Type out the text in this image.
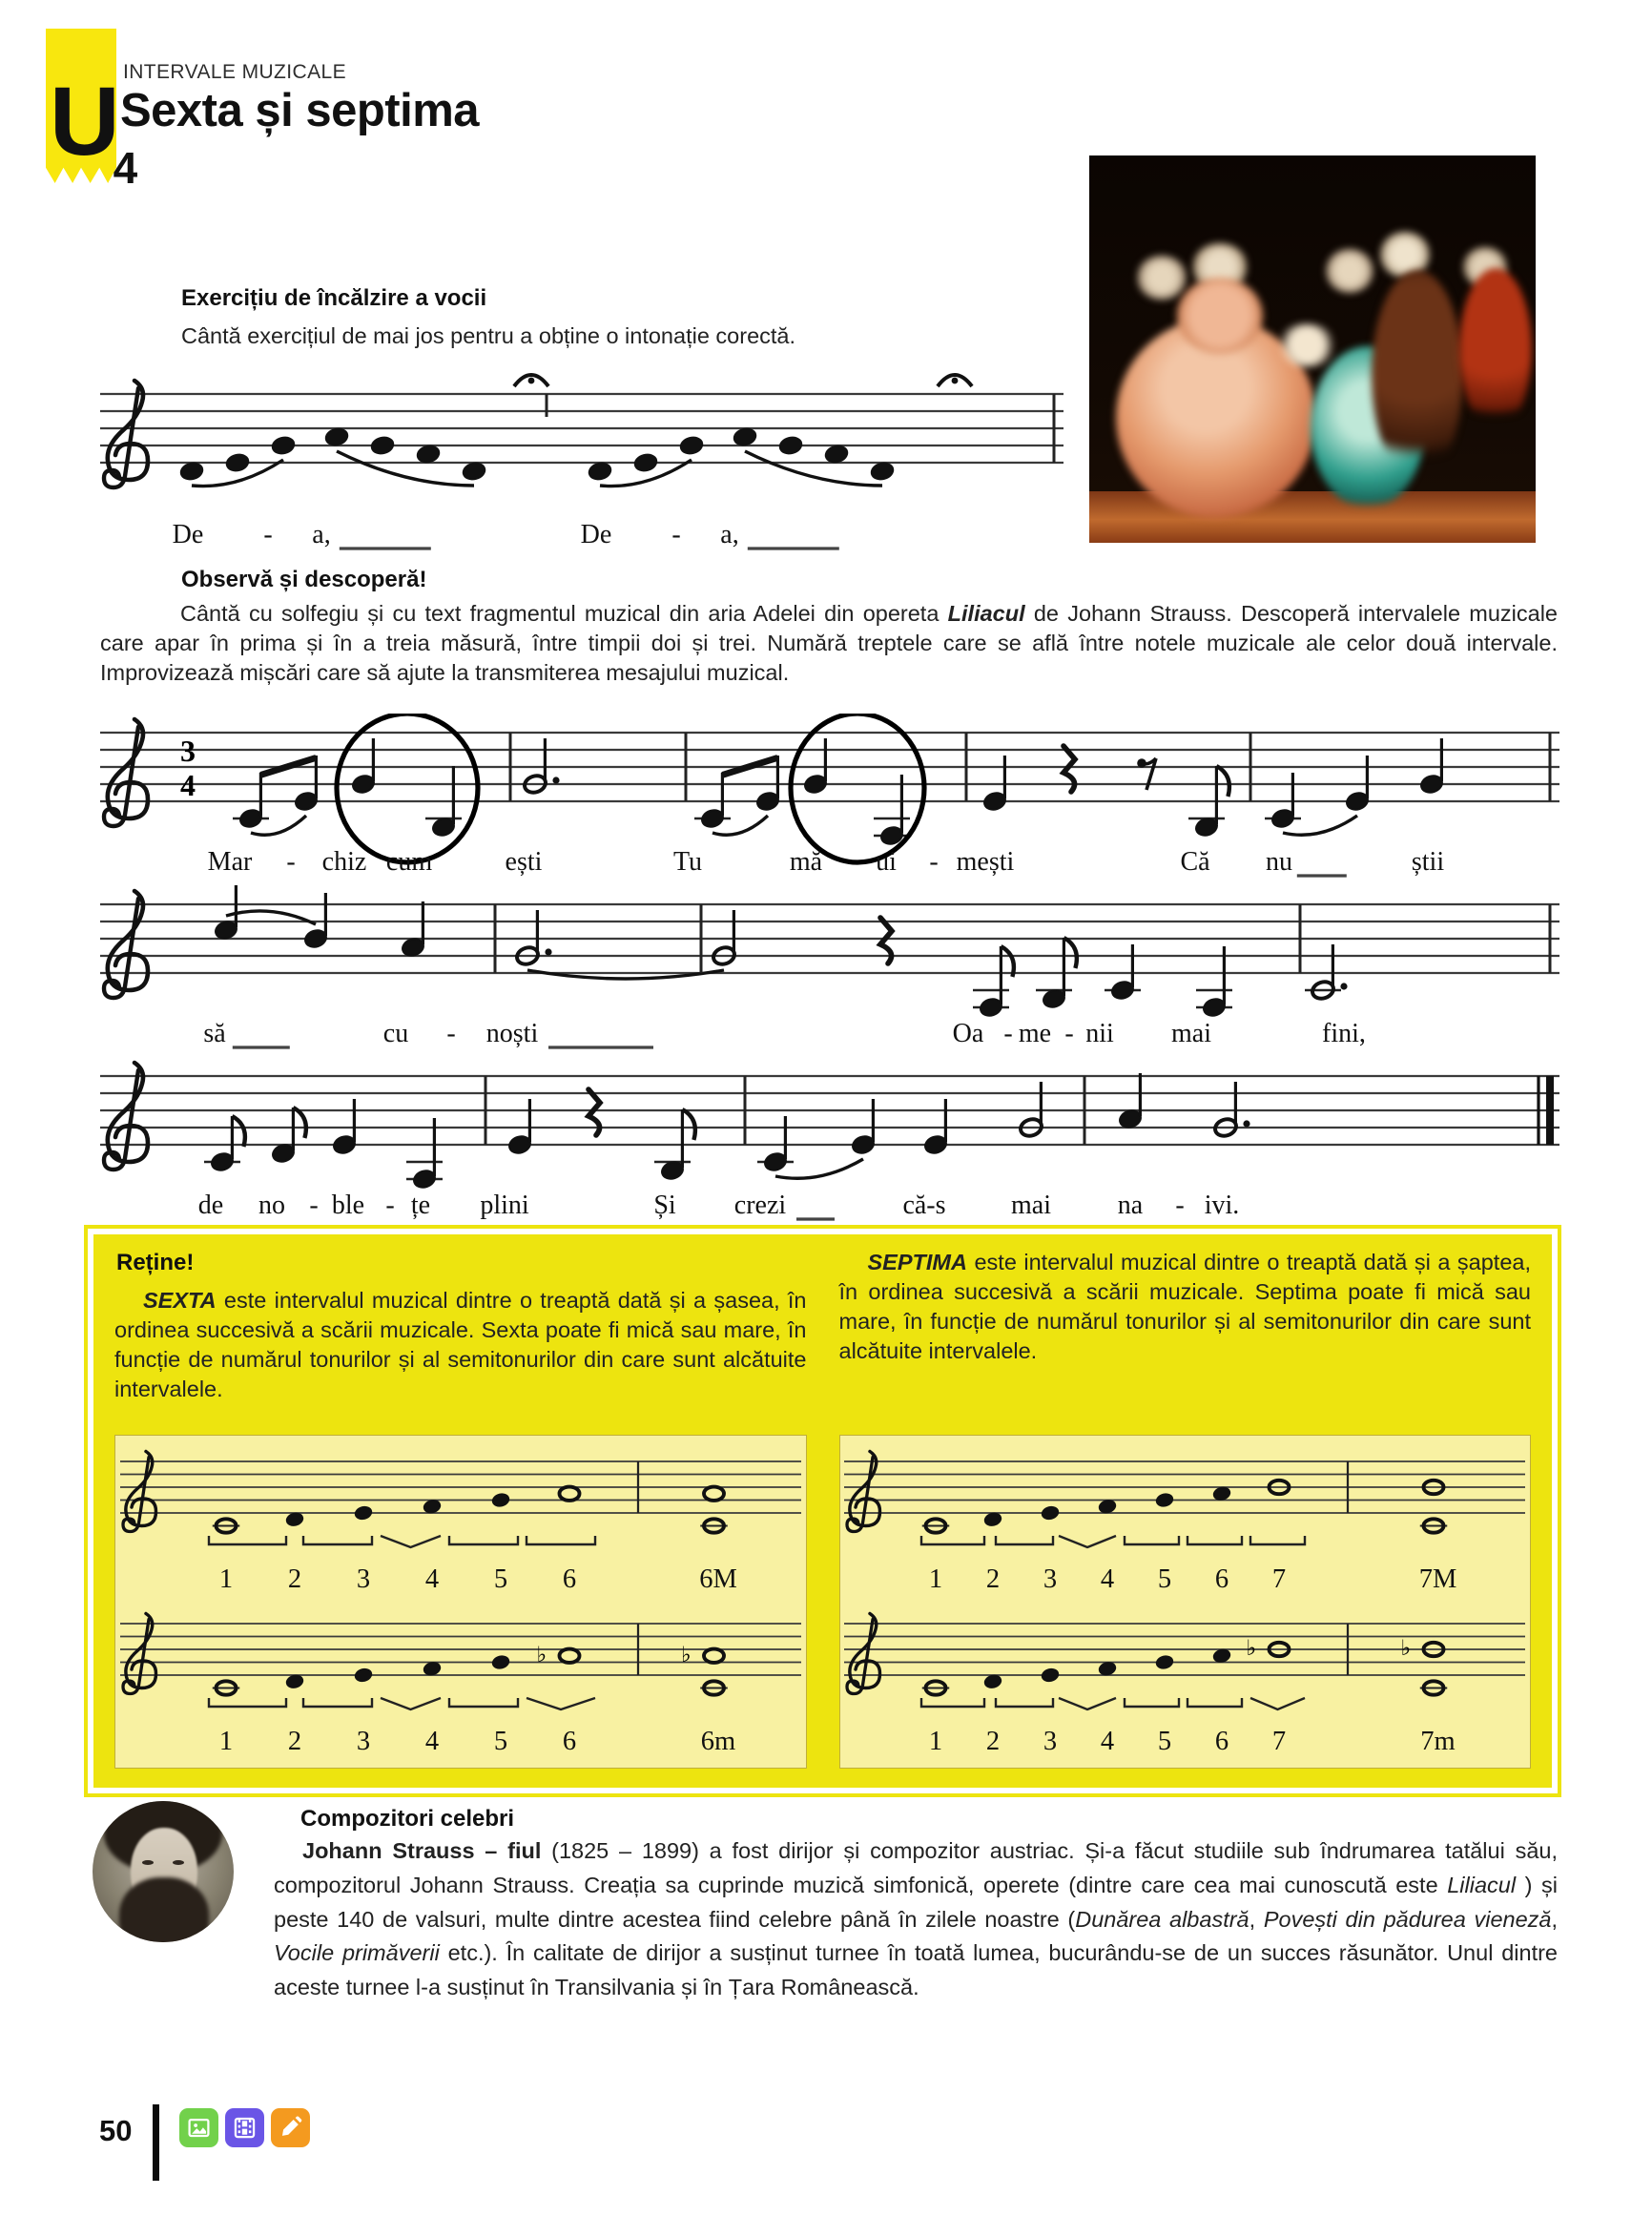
$U_4$
INTERVALE MUZICALE
Sexta și septima
Exercițiu de încălzire a vocii
Cântă exercițiul de mai jos pentru a obține o intonație corectă.
De	-	a,	De	-	a,
Observă și descoperă!
Cântă cu solfegiu și cu text fragmentul muzical din aria Adelei din opereta Liliacul de Johann Strauss. Descoperă intervalele muzicale care apar în prima și în a treia măsură, între timpii doi și trei. Numără treptele care se află între notele muzicale ale celor două intervale. Improvizează mișcări care să ajute la transmiterea mesajului muzical.
3
4
Mar	- chiz cum	ești	Tu	mă	ui - mești	Că	nu	știi
să	cu	- noști	Oa - me - nii	mai	fini,
de	no - ble - țe	plini	Și	crezi	că-s	mai	na - ivi.
Reține!

SEXTA este intervalul muzical dintre o treaptă dată și a șasea, în ordinea succesivă a scării muzicale. Sexta poate fi mică sau mare, în funcție de numărul tonurilor și al semitonurilor din care sunt alcătuite intervalele.

SEPTIMA este intervalul muzical dintre o treaptă dată și a șaptea, în ordinea succesivă a scării muzicale. Septima poate fi mică sau mare, în funcție de numărul tonurilor și al semitonurilor din care sunt alcătuite intervalele.

1	2	3	4	5	6	6M
♭	♭
1	2	3	4	5	6	6m
1 2 3 4 5 6 7	7M
♭	♭
1 2 3 4 5 6 7	7m
Compozitori celebri
Johann Strauss – fiul (1825 – 1899) a fost dirijor și compozitor austriac. Și-a făcut studiile sub îndrumarea tatălui său, compozitorul Johann Strauss. Creația sa cuprinde muzică simfonică, operete (dintre care cea mai cunoscută este Liliacul ) și peste 140 de valsuri, multe dintre acestea fiind celebre până în zilele noastre (Dunărea albastră, Povești din pădurea vieneză, Vocile primăverii etc.). În calitate de dirijor a susținut turnee în toată lumea, bucurându-se de un succes răsunător. Unul dintre aceste turnee l-a susținut în Transilvania și în Țara Românească.
50
